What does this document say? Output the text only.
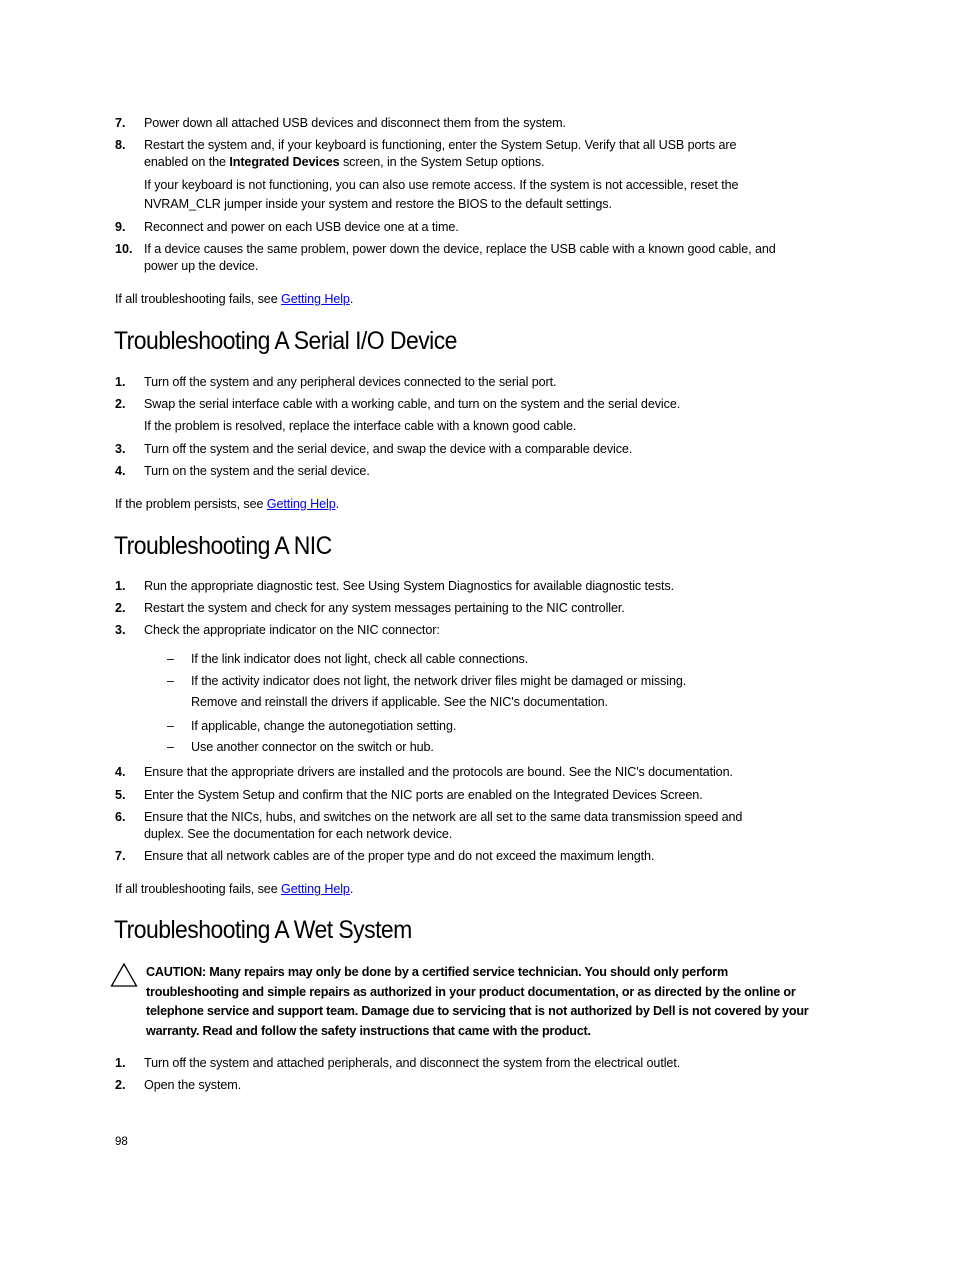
7. Power down all attached USB devices and disconnect them from the system.
8. Restart the system and, if your keyboard is functioning, enter the System Setup. Verify that all USB ports are
enabled on the Integrated Devices screen, in the System Setup options.
If your keyboard is not functioning, you can also use remote access. If the system is not accessible, reset the
NVRAM_CLR jumper inside your system and restore the BIOS to the default settings.
9. Reconnect and power on each USB device one at a time.
10. If a device causes the same problem, power down the device, replace the USB cable with a known good cable, and
power up the device.
If all troubleshooting fails, see Getting Help.
Troubleshooting A Serial I/O Device
1. Turn off the system and any peripheral devices connected to the serial port.
2. Swap the serial interface cable with a working cable, and turn on the system and the serial device.
If the problem is resolved, replace the interface cable with a known good cable.
3. Turn off the system and the serial device, and swap the device with a comparable device.
4. Turn on the system and the serial device.
If the problem persists, see Getting Help.
Troubleshooting A NIC
1. Run the appropriate diagnostic test. See Using System Diagnostics for available diagnostic tests.
2. Restart the system and check for any system messages pertaining to the NIC controller.
3. Check the appropriate indicator on the NIC connector:
– If the link indicator does not light, check all cable connections.
– If the activity indicator does not light, the network driver files might be damaged or missing.
Remove and reinstall the drivers if applicable. See the NIC's documentation.
– If applicable, change the autonegotiation setting.
– Use another connector on the switch or hub.
4. Ensure that the appropriate drivers are installed and the protocols are bound. See the NIC's documentation.
5. Enter the System Setup and confirm that the NIC ports are enabled on the Integrated Devices Screen.
6. Ensure that the NICs, hubs, and switches on the network are all set to the same data transmission speed and
duplex. See the documentation for each network device.
7. Ensure that all network cables are of the proper type and do not exceed the maximum length.
If all troubleshooting fails, see Getting Help.
Troubleshooting A Wet System
CAUTION: Many repairs may only be done by a certified service technician. You should only perform
troubleshooting and simple repairs as authorized in your product documentation, or as directed by the online or
telephone service and support team. Damage due to servicing that is not authorized by Dell is not covered by your
warranty. Read and follow the safety instructions that came with the product.
1. Turn off the system and attached peripherals, and disconnect the system from the electrical outlet.
2. Open the system.
98
